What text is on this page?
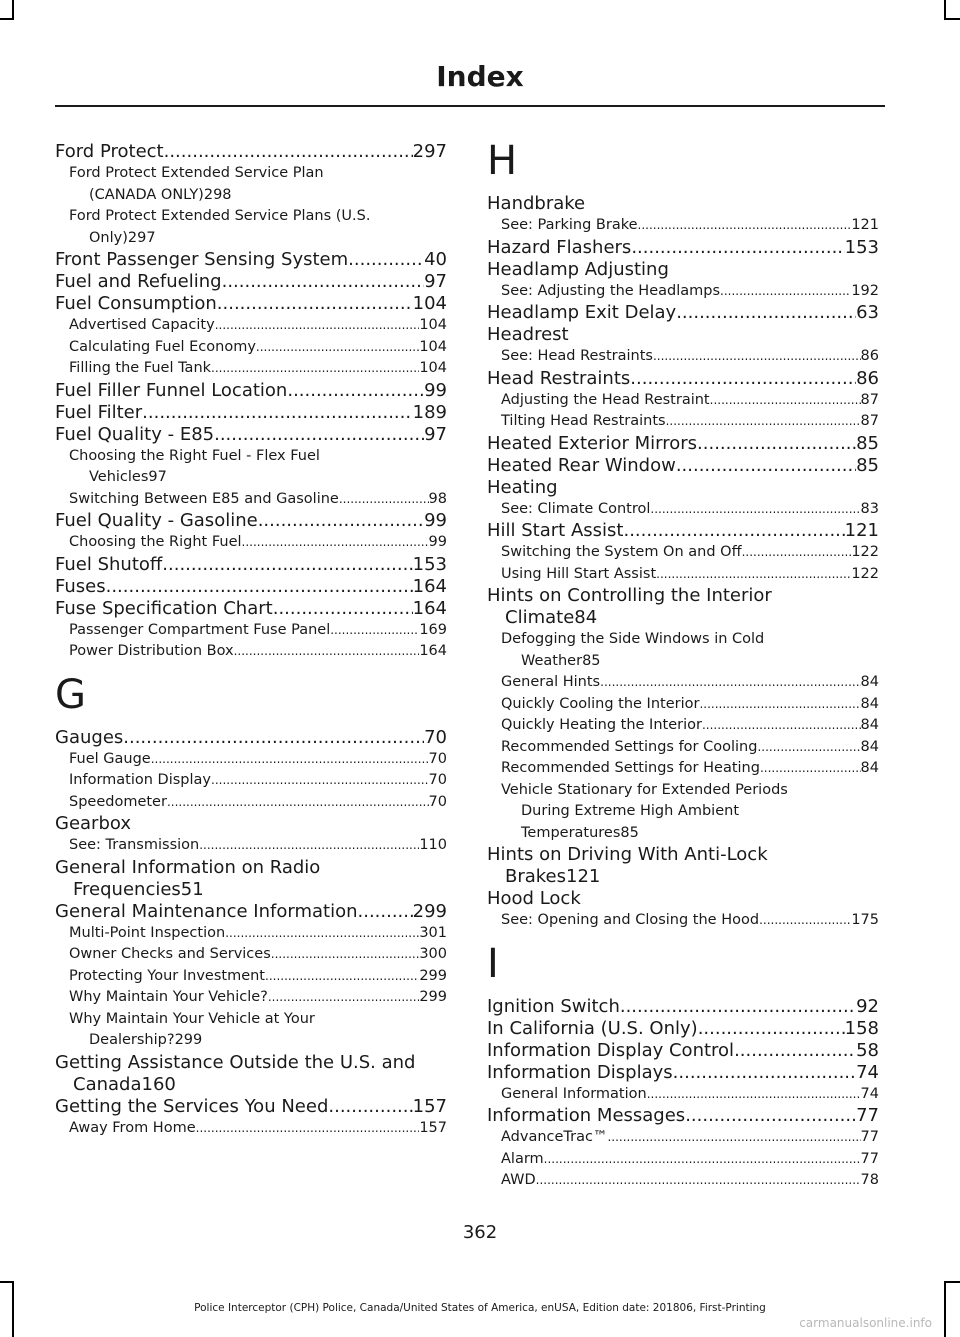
Index
Ford Protect .....	297
Ford Protect Extended Service Plan
(CANADA ONLY) 298
Ford Protect Extended Service Plans (U.S.
Only) 297
Front Passenger Sensing System .....	40
Fuel and Refueling .....	97
Fuel Consumption .....	104
Advertised Capacity .....	104
Calculating Fuel Economy .....	104
Filling the Fuel Tank .....	104
Fuel Filler Funnel Location .....	99
Fuel Filter .....	189
Fuel Quality - E85 .....	97
Choosing the Right Fuel - Flex Fuel
Vehicles 97
Switching Between E85 and Gasoline .....	98
Fuel Quality - Gasoline .....	99
Choosing the Right Fuel .....	99
Fuel Shutoff .....	153
Fuses .....	164
Fuse Specification Chart .....	164
Passenger Compartment Fuse Panel .....	169
Power Distribution Box .....	164
G
Gauges .....	70
Fuel Gauge .....	70
Information Display .....	70
Speedometer .....	70
Gearbox
See: Transmission .....	110
General Information on Radio
Frequencies 51
General Maintenance Information .....	299
Multi-Point Inspection .....	301
Owner Checks and Services .....	300
Protecting Your Investment .....	299
Why Maintain Your Vehicle? .....	299
Why Maintain Your Vehicle at Your
Dealership? 299
Getting Assistance Outside the U.S. and
Canada 160
Getting the Services You Need .....	157
Away From Home .....	157
H
Handbrake
See: Parking Brake .....	121
Hazard Flashers .....	153
Headlamp Adjusting
See: Adjusting the Headlamps .....	192
Headlamp Exit Delay .....	63
Headrest
See: Head Restraints .....	86
Head Restraints .....	86
Adjusting the Head Restraint .....	87
Tilting Head Restraints .....	87
Heated Exterior Mirrors .....	85
Heated Rear Window .....	85
Heating
See: Climate Control .....	83
Hill Start Assist .....	121
Switching the System On and Off .....	122
Using Hill Start Assist .....	122
Hints on Controlling the Interior
Climate 84
Defogging the Side Windows in Cold
Weather 85
General Hints .....	84
Quickly Cooling the Interior .....	84
Quickly Heating the Interior .....	84
Recommended Settings for Cooling .....	84
Recommended Settings for Heating .....	84
Vehicle Stationary for Extended Periods
During Extreme High Ambient
Temperatures 85
Hints on Driving With Anti-Lock
Brakes 121
Hood Lock
See: Opening and Closing the Hood .....	175
I
Ignition Switch .....	92
In California (U.S. Only) .....	158
Information Display Control .....	58
Information Displays .....	74
General Information .....	74
Information Messages .....	77
AdvanceTrac™ .....	77
Alarm .....	77
AWD .....	78
362
Police Interceptor (CPH) Police, Canada/United States of America, enUSA, Edition date: 201806, First-Printing
carmanualsonline.info
